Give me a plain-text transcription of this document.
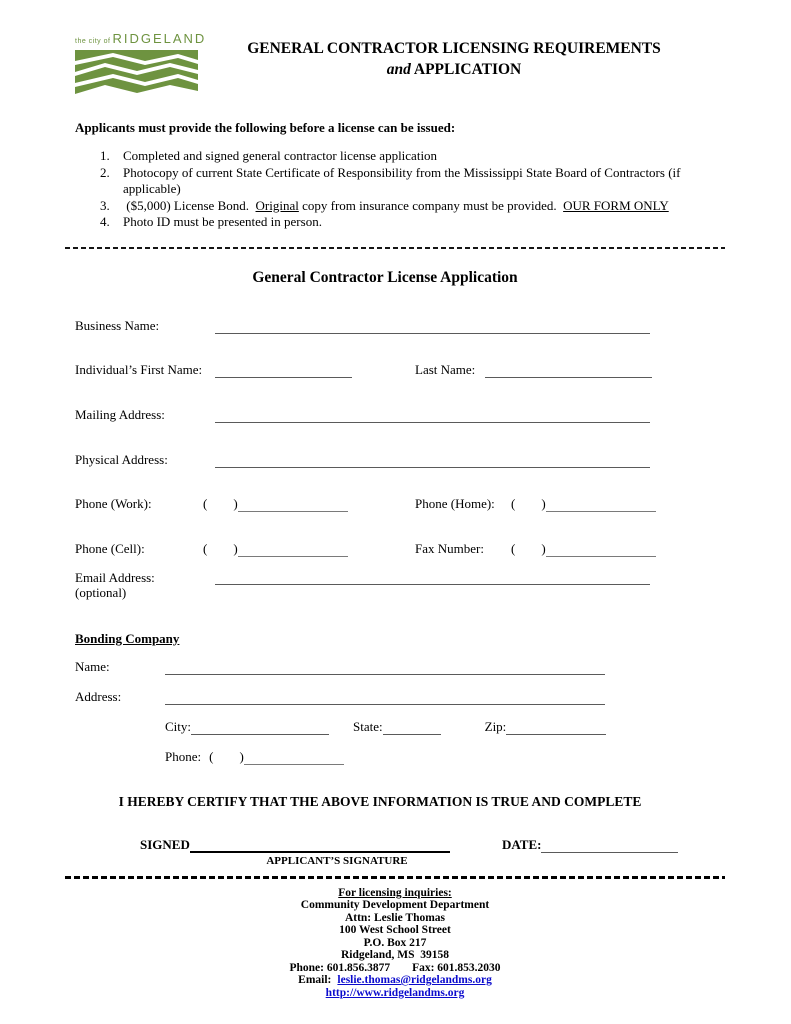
the city of RIDGELAND
GENERAL CONTRACTOR LICENSING REQUIREMENTS
and APPLICATION
Applicants must provide the following before a license can be issued:
1.	Completed and signed general contractor license application
2.	Photocopy of current State Certificate of Responsibility from the Mississippi State Board of Contractors (if applicable)
3.	($5,000) License Bond.  Original copy from insurance company must be provided.  OUR FORM ONLY
4.	Photo ID must be presented in person.
General Contractor License Application
Business Name:
Individual’s First Name:	Last Name:
Mailing Address:
Physical Address:
Phone (Work):	( )	Phone (Home):	( )
Phone (Cell):	( )	Fax Number:	( )
Email Address:
(optional)
Bonding Company
Name:
Address:
City:	State:	Zip:
Phone: ( )
I HEREBY CERTIFY THAT THE ABOVE INFORMATION IS TRUE AND COMPLETE
SIGNED
APPLICANT’S SIGNATURE
DATE:
For licensing inquiries:
Community Development Department
Attn: Leslie Thomas
100 West School Street
P.O. Box 217
Ridgeland, MS  39158
Phone: 601.856.3877 Fax: 601.853.2030
Email: leslie.thomas@ridgelandms.org
http://www.ridgelandms.org
